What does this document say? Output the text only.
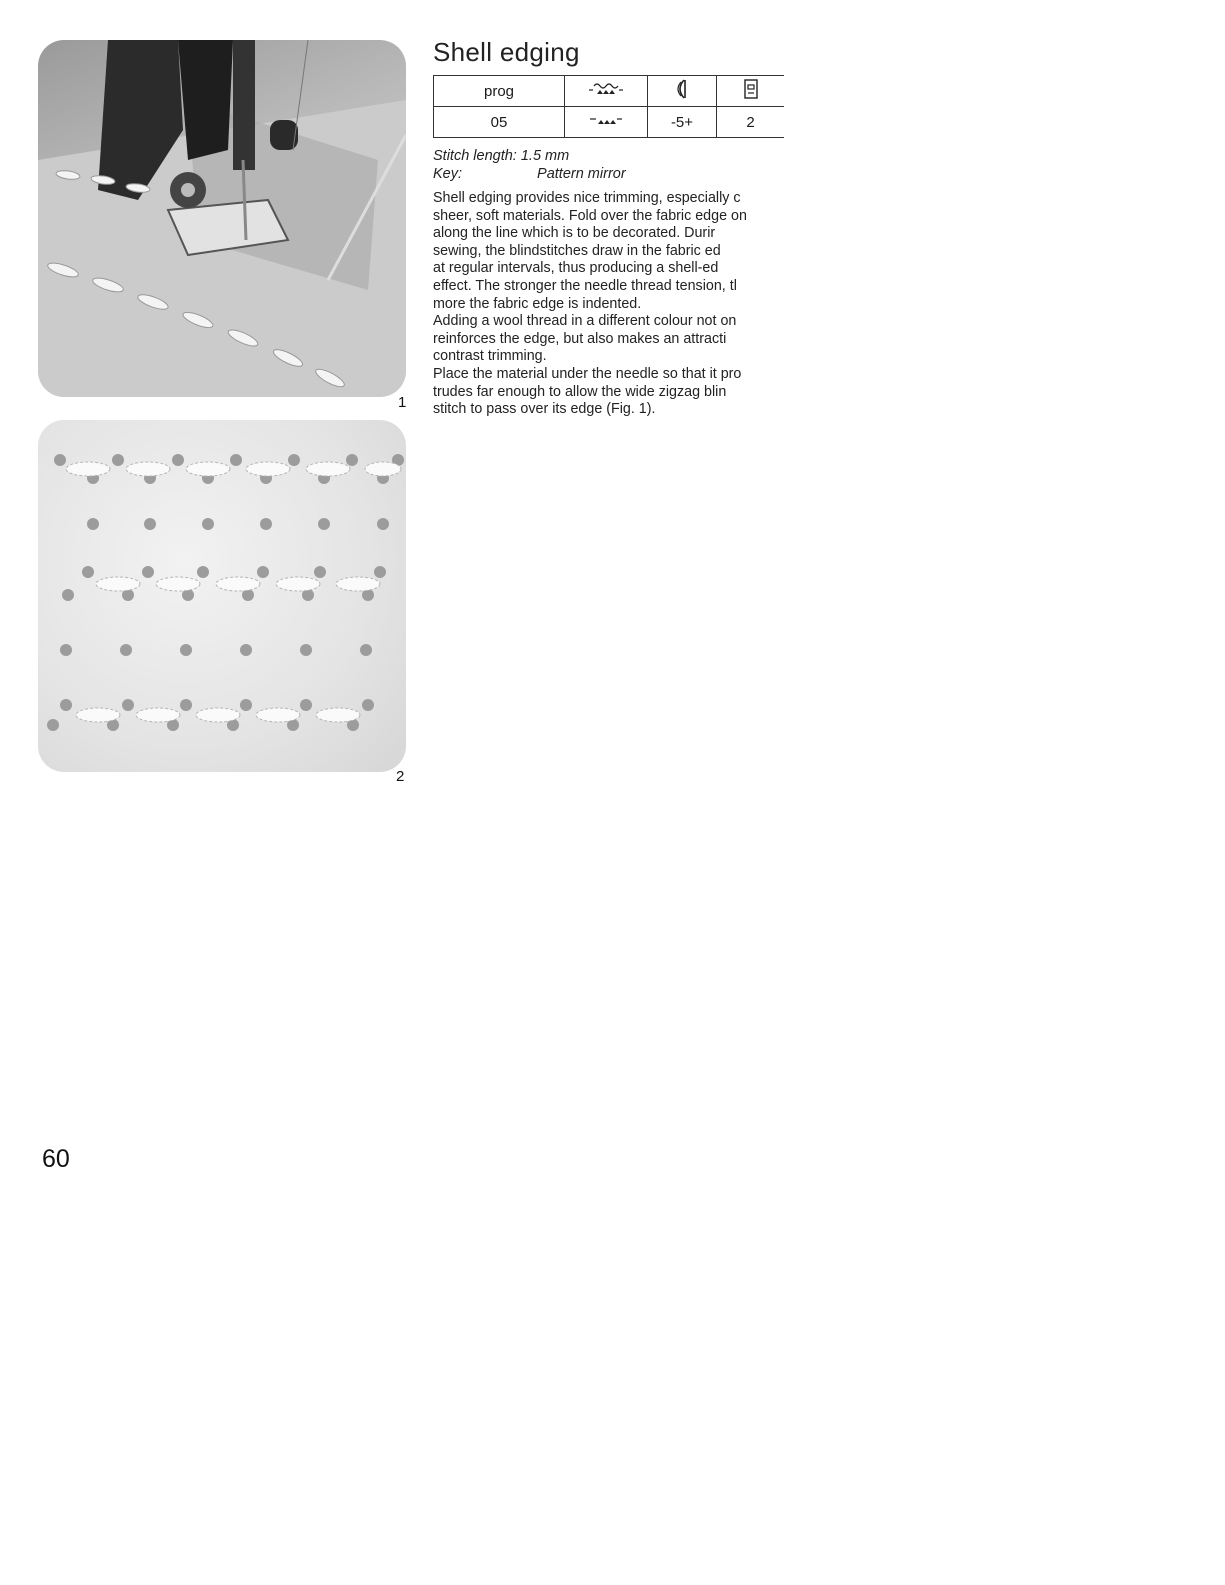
1
2
Shell edging
prog			
05		-5+	2
Stitch length: 1.5 mm
Key:	Pattern mirror
Shell edging provides nice trimming, especially c
sheer, soft materials. Fold over the fabric edge on
along the line which is to be decorated. Durir
sewing, the blindstitches draw in the fabric ed
at regular intervals, thus producing a shell-ed
effect. The stronger the needle thread tension, tl
more the fabric edge is indented.
Adding a wool thread in a different colour not on
reinforces the edge, but also makes an attracti
contrast trimming.
Place the material under the needle so that it pro
trudes far enough to allow the wide zigzag blin
stitch to pass over its edge (Fig. 1).
60
